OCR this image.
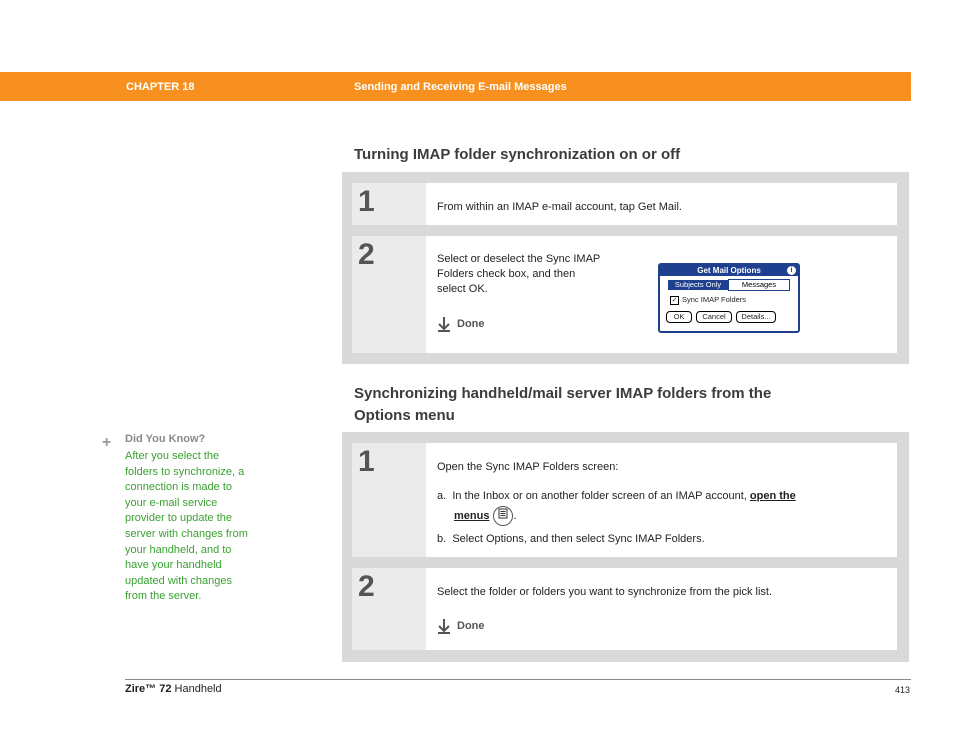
CHAPTER 18	Sending and Receiving E-mail Messages
Turning IMAP folder synchronization on or off
1	From within an IMAP e-mail account, tap Get Mail.
2	Select or deselect the Sync IMAP
Folders check box, and then
select OK.
Done
Get Mail Options	i
Subjects Only	Messages
✓ Sync IMAP Folders
OK	Cancel	Details...
Synchronizing handheld/mail server IMAP folders from the
Options menu
1	Open the Sync IMAP Folders screen:
a. In the Inbox or on another folder screen of an IMAP account, open the
menus .
b. Select Options, and then select Sync IMAP Folders.
2	Select the folder or folders you want to synchronize from the pick list.
Done
+ Did You Know?
After you select the
folders to synchronize, a
connection is made to
your e-mail service
provider to update the
server with changes from
your handheld, and to
have your handheld
updated with changes
from the server.
Zire™ 72 Handheld	413
